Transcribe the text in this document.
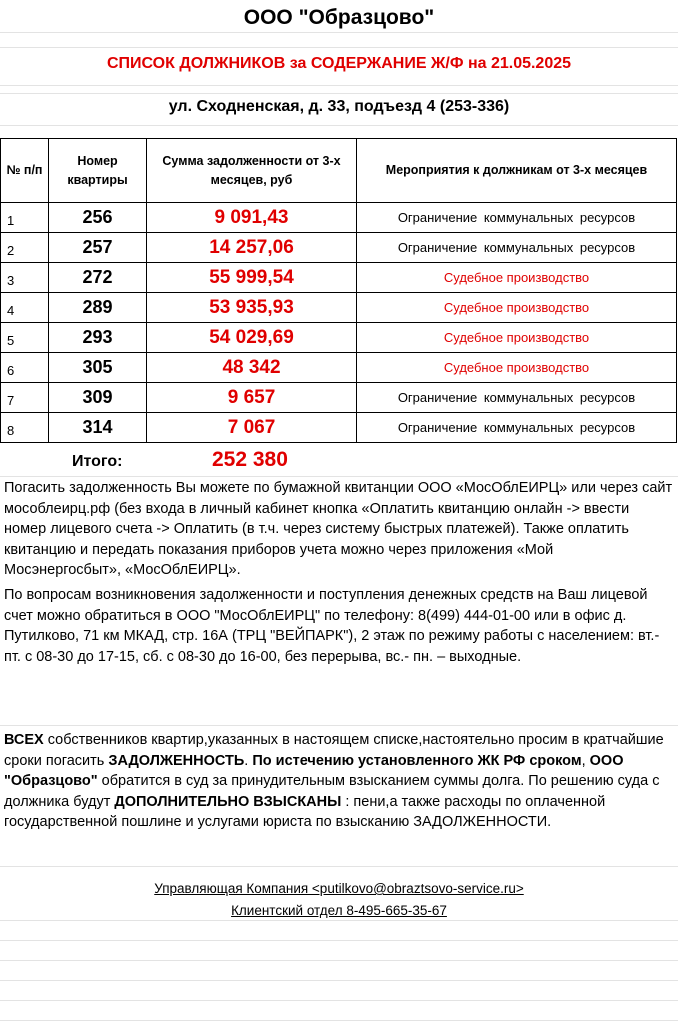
ООО "Образцово"
СПИСОК ДОЛЖНИКОВ за СОДЕРЖАНИЕ Ж/Ф на 21.05.2025
ул. Сходненская, д. 33, подъезд 4 (253-336)
№ п/п	Номер квартиры	Сумма задолженности от 3-х месяцев, руб	Мероприятия к должникам от 3-х месяцев
1	256	9 091,43	Ограничение коммунальных ресурсов
2	257	14 257,06	Ограничение коммунальных ресурсов
3	272	55 999,54	Судебное производство
4	289	53 935,93	Судебное производство
5	293	54 029,69	Судебное производство
6	305	48 342	Судебное производство
7	309	9 657	Ограничение коммунальных ресурсов
8	314	7 067	Ограничение коммунальных ресурсов
Итого:	252 380
Погасить задолженность Вы можете по бумажной квитанции ООО «МосОблЕИРЦ» или через сайт мособлеирц.рф (без входа в личный кабинет кнопка «Оплатить квитанцию онлайн -> ввести номер лицевого счета -> Оплатить (в т.ч. через систему быстрых платежей). Также оплатить квитанцию и передать показания приборов учета можно через приложения «Мой Мосэнергосбыт», «МосОблЕИРЦ».
По вопросам возникновения задолженности и поступления денежных средств на Ваш лицевой счет можно обратиться в ООО "МосОблЕИРЦ" по телефону: 8(499) 444-01-00 или в офис д. Путилково, 71 км МКАД, стр. 16А (ТРЦ "ВЕЙПАРК"), 2 этаж по режиму работы с населением: вт.-пт. с 08-30 до 17-15, сб. с 08-30 до 16-00, без перерыва, вс.- пн. – выходные.
ВСЕХ собственников квартир,указанных в настоящем списке,настоятельно просим в кратчайшие сроки погасить ЗАДОЛЖЕННОСТЬ. По истечению установленного ЖК РФ сроком, ООО "Образцово" обратится в суд за принудительным взысканием суммы долга. По решению суда с должника будут ДОПОЛНИТЕЛЬНО ВЗЫСКАНЫ : пени,а также расходы по оплаченной государственной пошлине и услугами юриста по взысканию ЗАДОЛЖЕННОСТИ.
Управляющая Компания <putilkovo@obraztsovo-service.ru>
Клиентский отдел 8-495-665-35-67
